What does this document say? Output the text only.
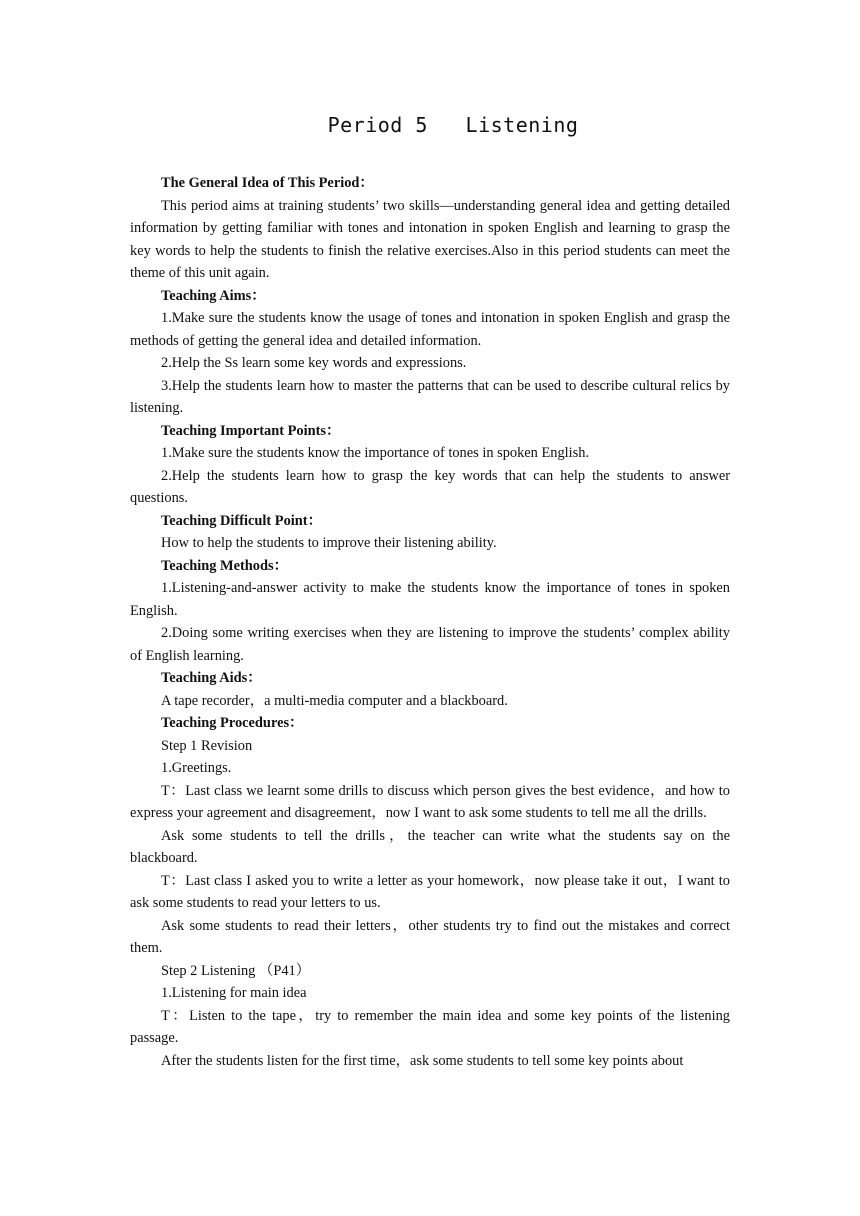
Period 5   Listening

The General Idea of This Period：

This period aims at training students’ two skills—understanding general idea and getting detailed information by getting familiar with tones and intonation in spoken English and learning to grasp the key words to help the students to finish the relative exercises.Also in this period students can meet the theme of this unit again.

Teaching Aims：

1.Make sure the students know the usage of tones and intonation in spoken English and grasp the methods of getting the general idea and detailed information.

2.Help the Ss learn some key words and expressions.

3.Help the students learn how to master the patterns that can be used to describe cultural relics by listening.

Teaching Important Points：

1.Make sure the students know the importance of tones in spoken English.

2.Help the students learn how to grasp the key words that can help the students to answer questions.

Teaching Difficult Point：

How to help the students to improve their listening ability.

Teaching Methods：

1.Listening-and-answer activity to make the students know the importance of tones in spoken English.

2.Doing some writing exercises when they are listening to improve the students’ complex ability of English learning.

Teaching Aids：

A tape recorder，a multi-media computer and a blackboard.

Teaching Procedures：

Step 1 Revision

1.Greetings.

T：Last class we learnt some drills to discuss which person gives the best evidence，and how to express your agreement and disagreement，now I want to ask some students to tell me all the drills.

Ask some students to tell the drills，the teacher can write what the students say on the blackboard.

T：Last class I asked you to write a letter as your homework，now please take it out，I want to ask some students to read your letters to us.

Ask some students to read their letters，other students try to find out the mistakes and correct them.

Step 2 Listening （P41）

1.Listening for main idea

T：Listen to the tape，try to remember the main idea and some key points of the listening passage.

After the students listen for the first time，ask some students to tell some key points about
